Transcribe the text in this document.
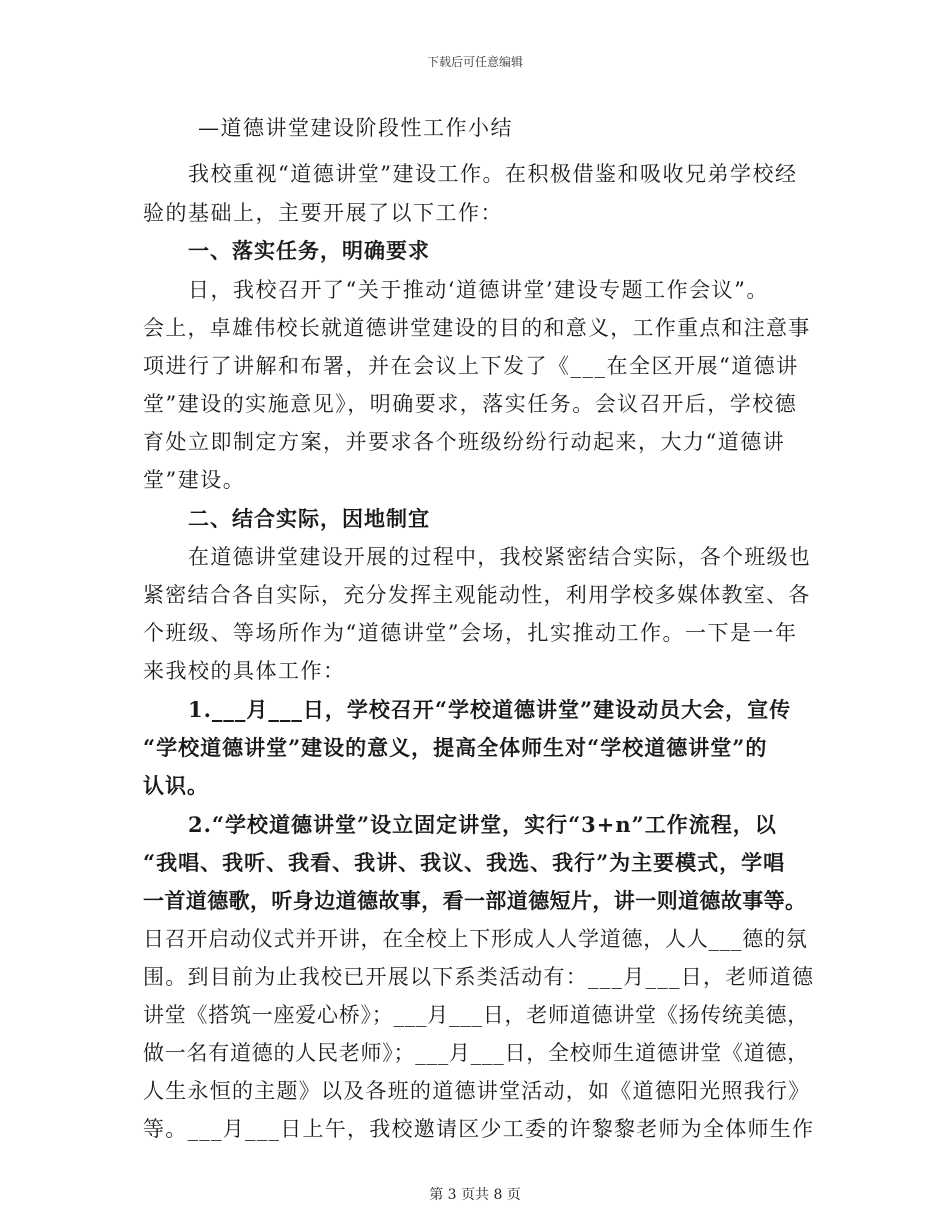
下载后可任意编辑
—道德讲堂建设阶段性工作小结
我校重视“道德讲堂”建设工作。在积极借鉴和吸收兄弟学校经
验的基础上，主要开展了以下工作：
一、落实任务，明确要求
日，我校召开了“关于推动‘道德讲堂’建设专题工作会议”。
会上，卓雄伟校长就道德讲堂建设的目的和意义，工作重点和注意事
项进行了讲解和布署，并在会议上下发了《___在全区开展“道德讲
堂”建设的实施意见》，明确要求，落实任务。会议召开后，学校德
育处立即制定方案，并要求各个班级纷纷行动起来，大力“道德讲
堂”建设。
二、结合实际，因地制宜
在道德讲堂建设开展的过程中，我校紧密结合实际，各个班级也
紧密结合各自实际，充分发挥主观能动性，利用学校多媒体教室、各
个班级、等场所作为“道德讲堂”会场，扎实推动工作。一下是一年
来我校的具体工作：
1.___月___日，学校召开“学校道德讲堂”建设动员大会，宣传
“学校道德讲堂”建设的意义，提高全体师生对“学校道德讲堂”的
认识。
2.“学校道德讲堂”设立固定讲堂，实行“3+n”工作流程，以
“我唱、我听、我看、我讲、我议、我选、我行”为主要模式，学唱
一首道德歌，听身边道德故事，看一部道德短片，讲一则道德故事等。
日召开启动仪式并开讲，在全校上下形成人人学道德，人人___德的氛
围。到目前为止我校已开展以下系类活动有：___月___日，老师道德
讲堂《搭筑一座爱心桥》；___月___日，老师道德讲堂《扬传统美德，
做一名有道德的人民老师》；___月___日，全校师生道德讲堂《道德，
人生永恒的主题》以及各班的道德讲堂活动，如《道德阳光照我行》
等。___月___日上午，我校邀请区少工委的许黎黎老师为全体师生作
第 3 页共 8 页
